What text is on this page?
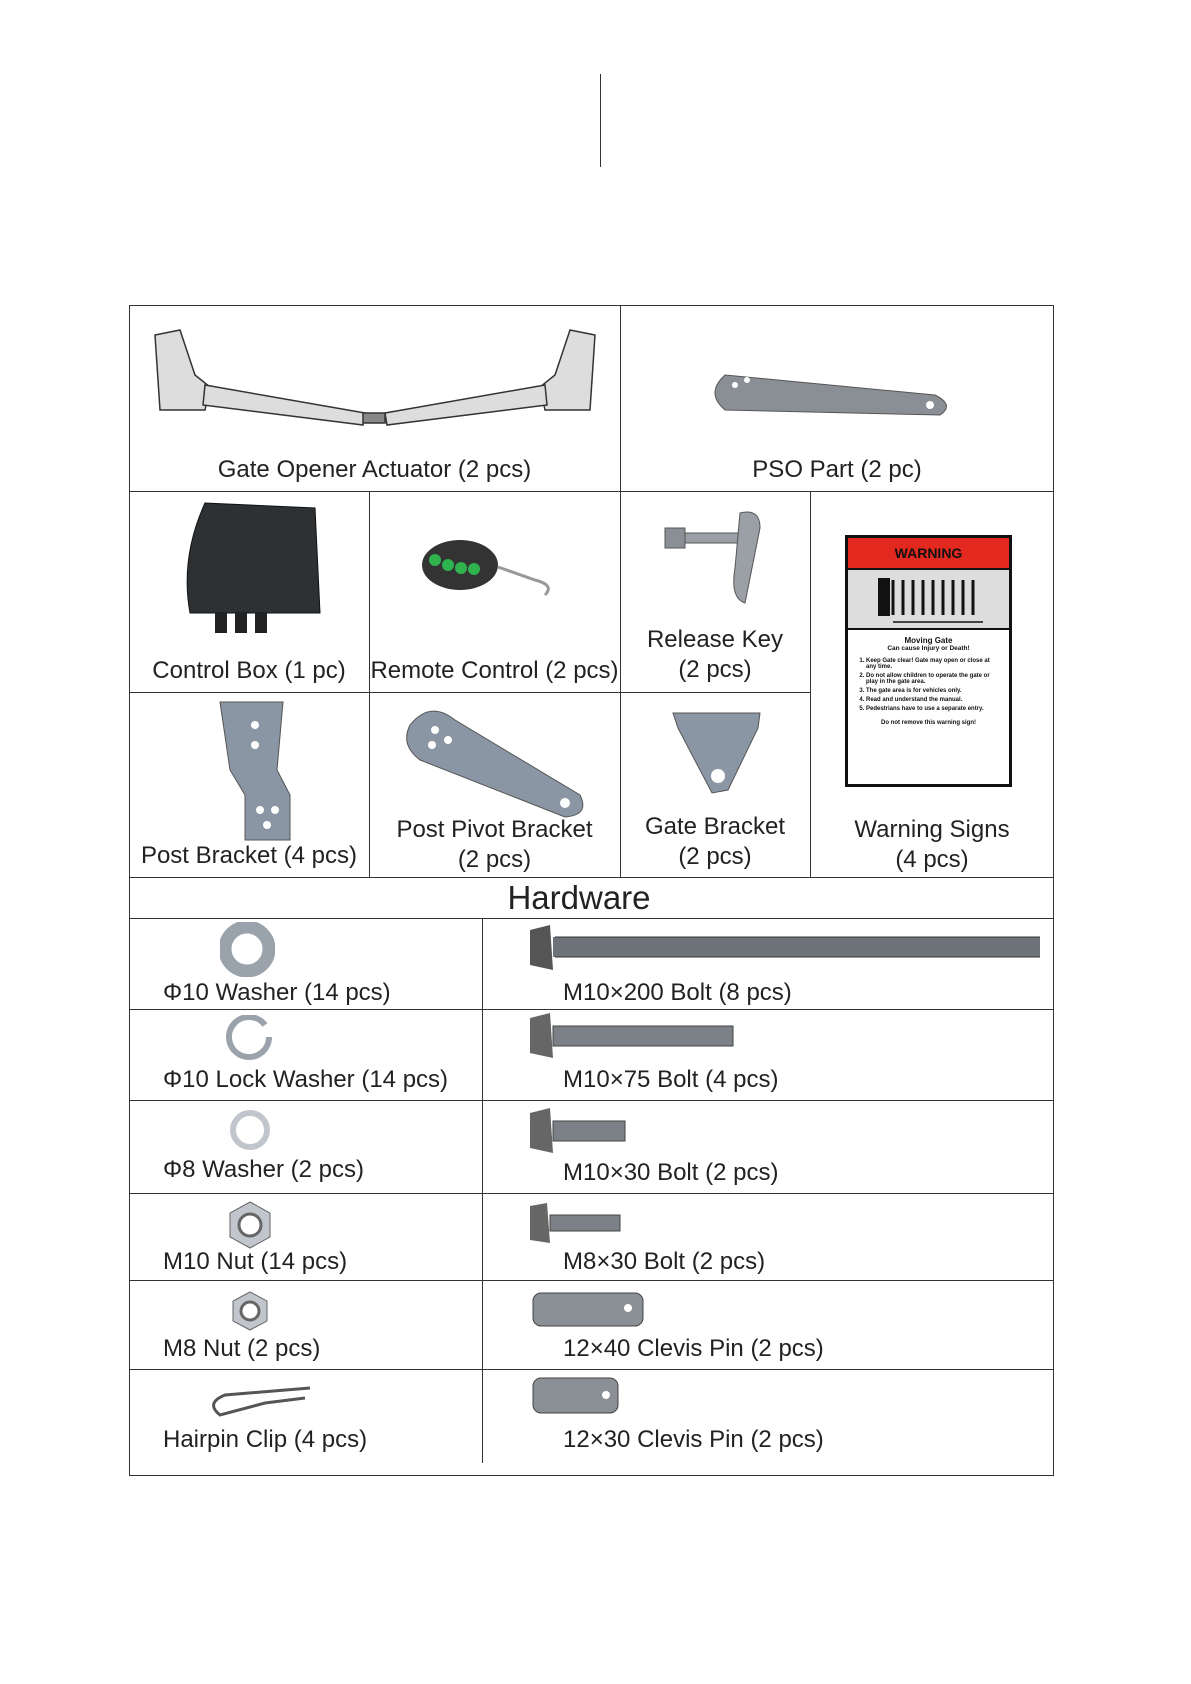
Gate Opener Actuator (2 pcs)	PSO Part (2 pc)
Control Box (1 pc)	Remote Control (2 pcs)
Release Key
(2 pcs)
WARNING
Moving Gate
Can cause Injury or Death!
1. Keep Gate clear! Gate may open or close at any time.
2. Do not allow children to operate the gate or play in the gate area.
3. The gate area is for vehicles only.
4. Read and understand the manual.
5. Pedestrians have to use a separate entry.
Do not remove this warning sign!
Warning Signs
(4 pcs)
Post Bracket (4 pcs)
Post Pivot Bracket
(2 pcs)
Gate Bracket
(2 pcs)
Hardware
Φ10 Washer (14 pcs)
Φ10 Lock Washer (14 pcs)
Φ8 Washer (2 pcs)
M10 Nut (14 pcs)
M8 Nut (2 pcs)
Hairpin Clip (4 pcs)
M10×200 Bolt (8 pcs)
M10×75 Bolt (4 pcs)
M10×30 Bolt (2 pcs)
M8×30 Bolt (2 pcs)
12×40 Clevis Pin (2 pcs)
12×30 Clevis Pin (2 pcs)
